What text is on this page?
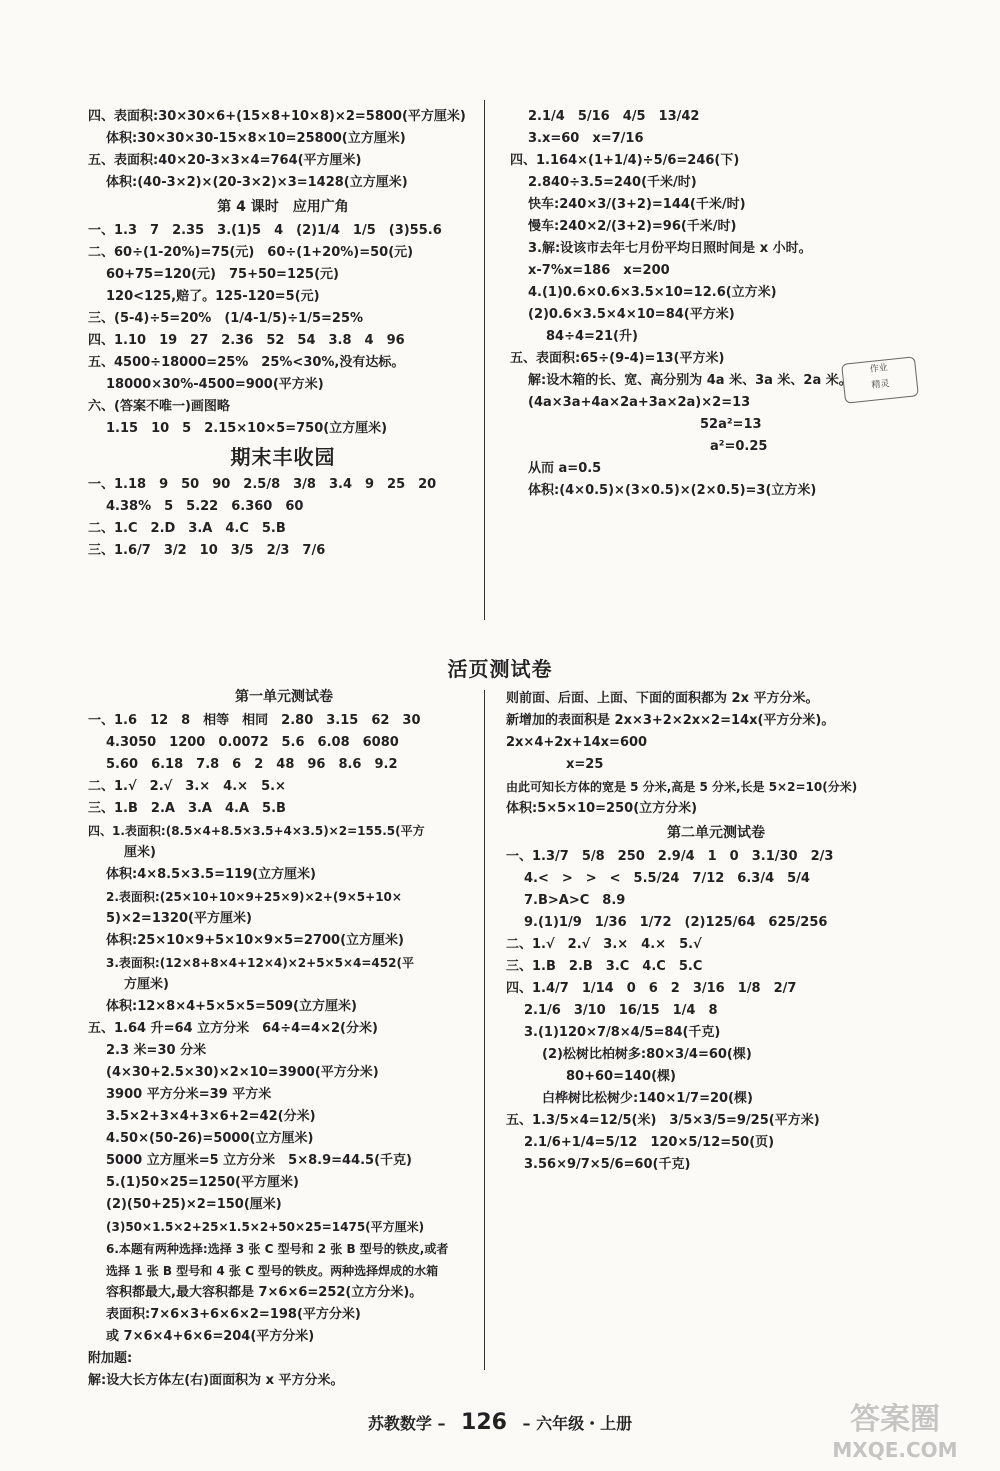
四、表面积:30×30×6+(15×8+10×8)×2=5800(平方厘米)
体积:30×30×30-15×8×10=25800(立方厘米)
五、表面积:40×20-3×3×4=764(平方厘米)
体积:(40-3×2)×(20-3×2)×3=1428(立方厘米)
第 4 课时　应用广角
一、1.3　7　2.35　3.(1)5　4　(2)1/4　1/5　(3)55.6
二、60÷(1-20%)=75(元)　60÷(1+20%)=50(元)
60+75=120(元)　75+50=125(元)
120<125,赔了。125-120=5(元)
三、(5-4)÷5=20%　(1/4-1/5)÷1/5=25%
四、1.10　19　27　2.36　52　54　3.8　4　96
五、4500÷18000=25%　25%<30%,没有达标。
18000×30%-4500=900(平方米)
六、(答案不唯一)画图略
1.15　10　5　2.15×10×5=750(立方厘米)
期末丰收园
一、1.18　9　50　90　2.5/8　3/8　3.4　9　25　20
4.38%　5　5.22　6.360　60
二、1.C　2.D　3.A　4.C　5.B
三、1.6/7　3/2　10　3/5　2/3　7/6
2.1/4　5/16　4/5　13/42
3.x=60　x=7/16
四、1.164×(1+1/4)÷5/6=246(下)
2.840÷3.5=240(千米/时)
快车:240×3/(3+2)=144(千米/时)
慢车:240×2/(3+2)=96(千米/时)
3.解:设该市去年七月份平均日照时间是 x 小时。
x-7%x=186　x=200
4.(1)0.6×0.6×3.5×10=12.6(立方米)
(2)0.6×3.5×4×10=84(平方米)
84÷4=21(升)
五、表面积:65÷(9-4)=13(平方米)
解:设木箱的长、宽、高分别为 4a 米、3a 米、2a 米。
(4a×3a+4a×2a+3a×2a)×2=13
52a²=13
a²=0.25
从而 a=0.5
体积:(4×0.5)×(3×0.5)×(2×0.5)=3(立方米)
作业
精灵
活页测试卷
第一单元测试卷
一、1.6　12　8　相等　相同　2.80　3.15　62　30
4.3050　1200　0.0072　5.6　6.08　6080
5.60　6.18　7.8　6　2　48　96　8.6　9.2
二、1.√　2.√　3.×　4.×　5.×
三、1.B　2.A　3.A　4.A　5.B
四、1.表面积:(8.5×4+8.5×3.5+4×3.5)×2=155.5(平方
厘米)
体积:4×8.5×3.5=119(立方厘米)
2.表面积:(25×10+10×9+25×9)×2+(9×5+10×
5)×2=1320(平方厘米)
体积:25×10×9+5×10×9×5=2700(立方厘米)
3.表面积:(12×8+8×4+12×4)×2+5×5×4=452(平
方厘米)
体积:12×8×4+5×5×5=509(立方厘米)
五、1.64 升=64 立方分米　64÷4=4×2(分米)
2.3 米=30 分米
(4×30+2.5×30)×2×10=3900(平方分米)
3900 平方分米=39 平方米
3.5×2+3×4+3×6+2=42(分米)
4.50×(50-26)=5000(立方厘米)
5000 立方厘米=5 立方分米　5×8.9=44.5(千克)
5.(1)50×25=1250(平方厘米)
(2)(50+25)×2=150(厘米)
(3)50×1.5×2+25×1.5×2+50×25=1475(平方厘米)
6.本题有两种选择:选择 3 张 C 型号和 2 张 B 型号的铁皮,或者
选择 1 张 B 型号和 4 张 C 型号的铁皮。两种选择焊成的水箱
容积都最大,最大容积都是 7×6×6=252(立方分米)。
表面积:7×6×3+6×6×2=198(平方分米)
或 7×6×4+6×6=204(平方分米)
附加题:
解:设大长方体左(右)面面积为 x 平方分米。
则前面、后面、上面、下面的面积都为 2x 平方分米。
新增加的表面积是 2x×3+2×2x×2=14x(平方分米)。
2x×4+2x+14x=600
x=25
由此可知长方体的宽是 5 分米,高是 5 分米,长是 5×2=10(分米)
体积:5×5×10=250(立方分米)
第二单元测试卷
一、1.3/7　5/8　250　2.9/4　1　0　3.1/30　2/3
4.<　>　>　<　5.5/24　7/12　6.3/4　5/4
7.B>A>C　8.9
9.(1)1/9　1/36　1/72　(2)125/64　625/256
二、1.√　2.√　3.×　4.×　5.√
三、1.B　2.B　3.C　4.C　5.C
四、1.4/7　1/14　0　6　2　3/16　1/8　2/7
2.1/6　3/10　16/15　1/4　8
3.(1)120×7/8×4/5=84(千克)
(2)松树比柏树多:80×3/4=60(棵)
80+60=140(棵)
白桦树比松树少:140×1/7=20(棵)
五、1.3/5×4=12/5(米)　3/5×3/5=9/25(平方米)
2.1/6+1/4=5/12　120×5/12=50(页)
3.56×9/7×5/6=60(千克)
苏教数学 – 126 – 六年级・上册	答案圈
MXQE.COM
